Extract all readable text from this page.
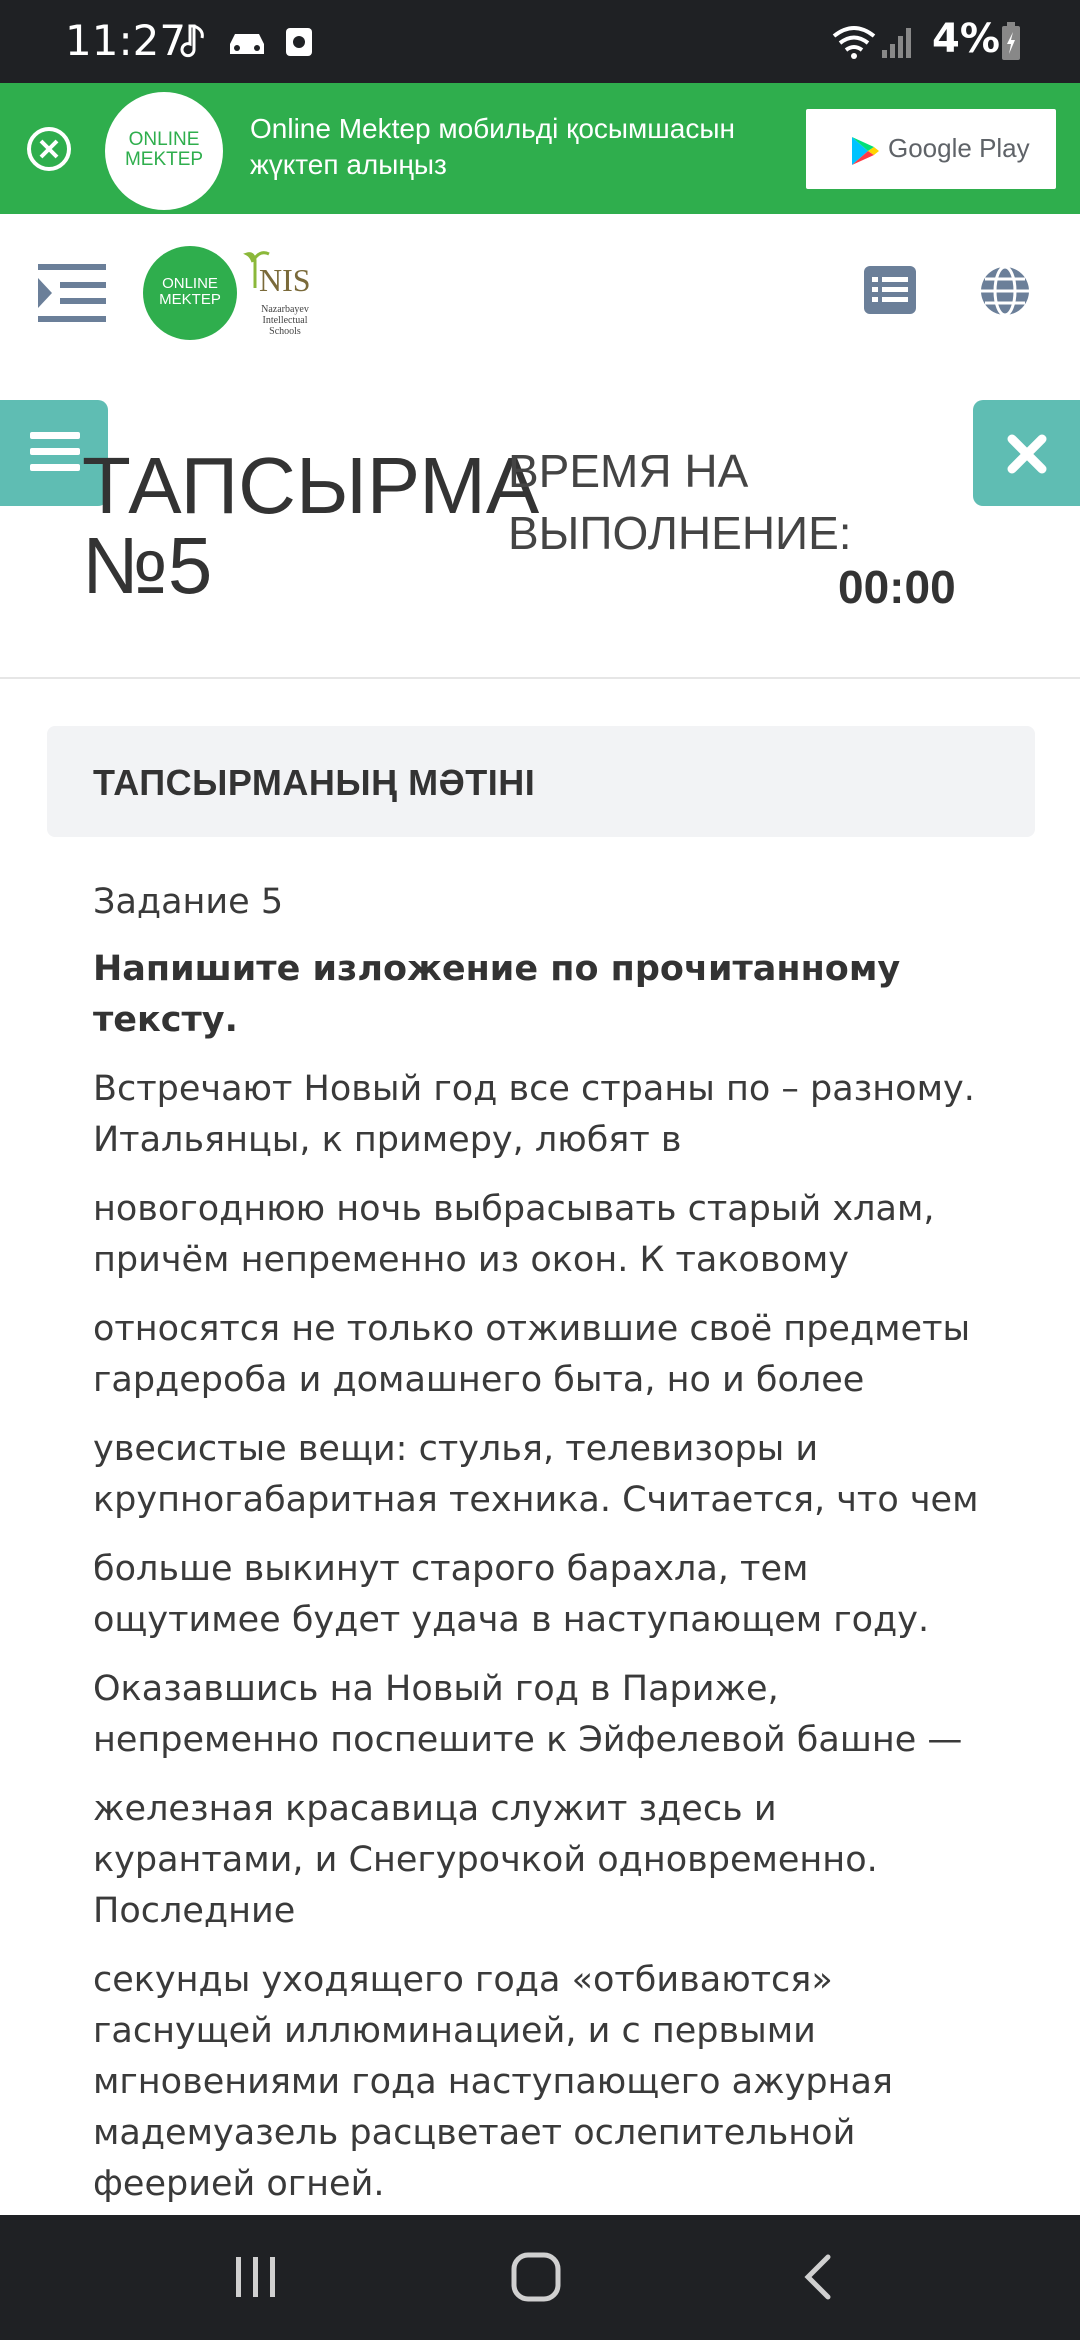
11:27	4%
ONLINE
MEKTEP
Online Mektep мобильді қосымшасын жүктеп алыңыз
Google Play
ONLINE
MEKTEP
NIS
Nazarbayev Intellectual Schools
ТАПСЫРМА
№5
ВРЕМЯ НА ВЫПОЛНЕНИЕ:
00:00
ТАПСЫРМАНЫҢ МӘТІНІ

Задание 5

Напишите изложение по прочитанному тексту.

Встречают Новый год все страны по – разному. Итальянцы, к примеру, любят в

новогоднюю ночь выбрасывать старый хлам, причём непременно из окон. К таковому

относятся не только отжившие своё предметы гардероба и домашнего быта, но и более

увесистые вещи: стулья, телевизоры и крупногабаритная техника. Считается, что чем

больше выкинут старого барахла, тем ощутимее будет удача в наступающем году.

Оказавшись на Новый год в Париже, непременно поспешите к Эйфелевой башне —

железная красавица служит здесь и курантами, и Снегурочкой одновременно. Последние

секунды уходящего года «отбиваются» гаснущей иллюминацией, и с первыми мгновениями года наступающего ажурная мадемуазель расцветает ослепительной феерией огней.
